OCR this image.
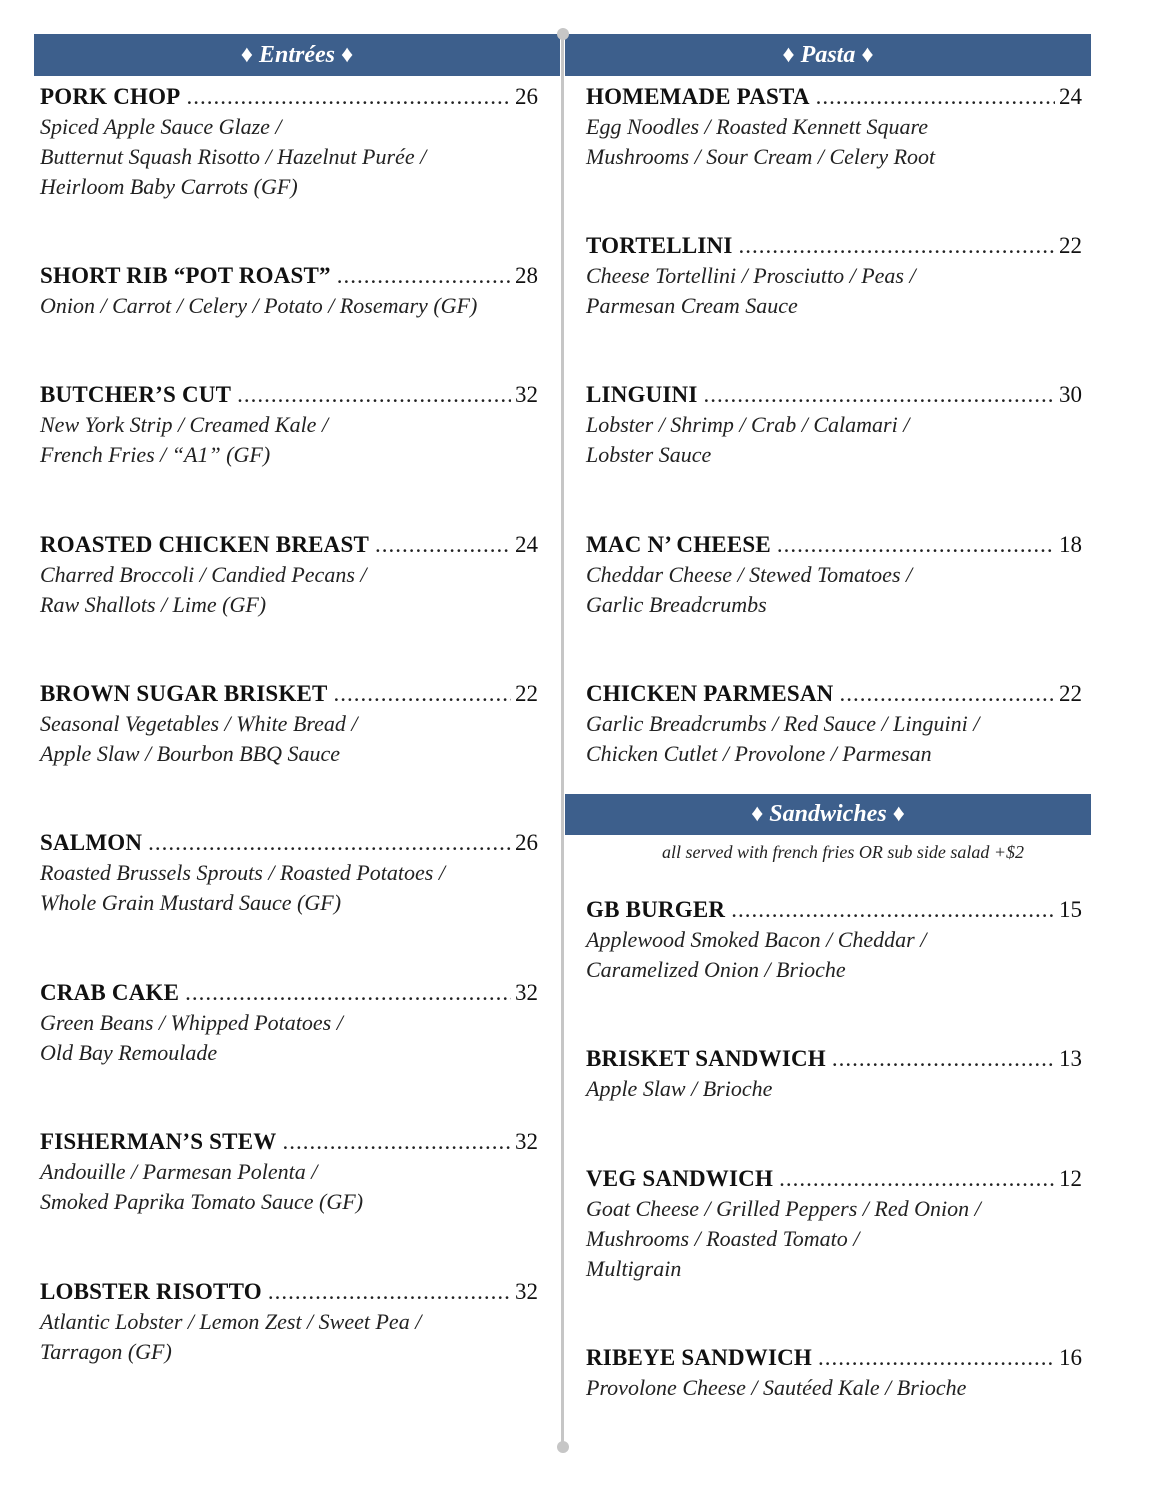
♦ Entrées ♦	♦ Pasta ♦
♦ Sandwiches ♦
all served with french fries OR sub side salad +$2
PORK CHOP .....	26
Spiced Apple Sauce Glaze /
Butternut Squash Risotto / Hazelnut Purée /
Heirloom Baby Carrots (GF)
SHORT RIB “POT ROAST” .....	28
Onion / Carrot / Celery / Potato / Rosemary (GF)
BUTCHER’S CUT .....	32
New York Strip / Creamed Kale /
French Fries / “A1” (GF)
ROASTED CHICKEN BREAST .....	24
Charred Broccoli / Candied Pecans /
Raw Shallots / Lime (GF)
BROWN SUGAR BRISKET .....	22
Seasonal Vegetables / White Bread /
Apple Slaw / Bourbon BBQ Sauce
SALMON .....	26
Roasted Brussels Sprouts / Roasted Potatoes /
Whole Grain Mustard Sauce (GF)
CRAB CAKE .....	32
Green Beans / Whipped Potatoes /
Old Bay Remoulade
FISHERMAN’S STEW .....	32
Andouille / Parmesan Polenta /
Smoked Paprika Tomato Sauce (GF)
LOBSTER RISOTTO .....	32
Atlantic Lobster / Lemon Zest / Sweet Pea /
Tarragon (GF)
HOMEMADE PASTA .....	24
Egg Noodles / Roasted Kennett Square
Mushrooms / Sour Cream / Celery Root
TORTELLINI .....	22
Cheese Tortellini / Prosciutto / Peas /
Parmesan Cream Sauce
LINGUINI .....	30
Lobster / Shrimp / Crab / Calamari /
Lobster Sauce
MAC N’ CHEESE .....	18
Cheddar Cheese / Stewed Tomatoes /
Garlic Breadcrumbs
CHICKEN PARMESAN .....	22
Garlic Breadcrumbs / Red Sauce / Linguini /
Chicken Cutlet / Provolone / Parmesan
GB BURGER .....	15
Applewood Smoked Bacon / Cheddar /
Caramelized Onion / Brioche
BRISKET SANDWICH .....	13
Apple Slaw / Brioche
VEG SANDWICH .....	12
Goat Cheese / Grilled Peppers / Red Onion /
Mushrooms / Roasted Tomato /
Multigrain
RIBEYE SANDWICH .....	16
Provolone Cheese / Sautéed Kale / Brioche
